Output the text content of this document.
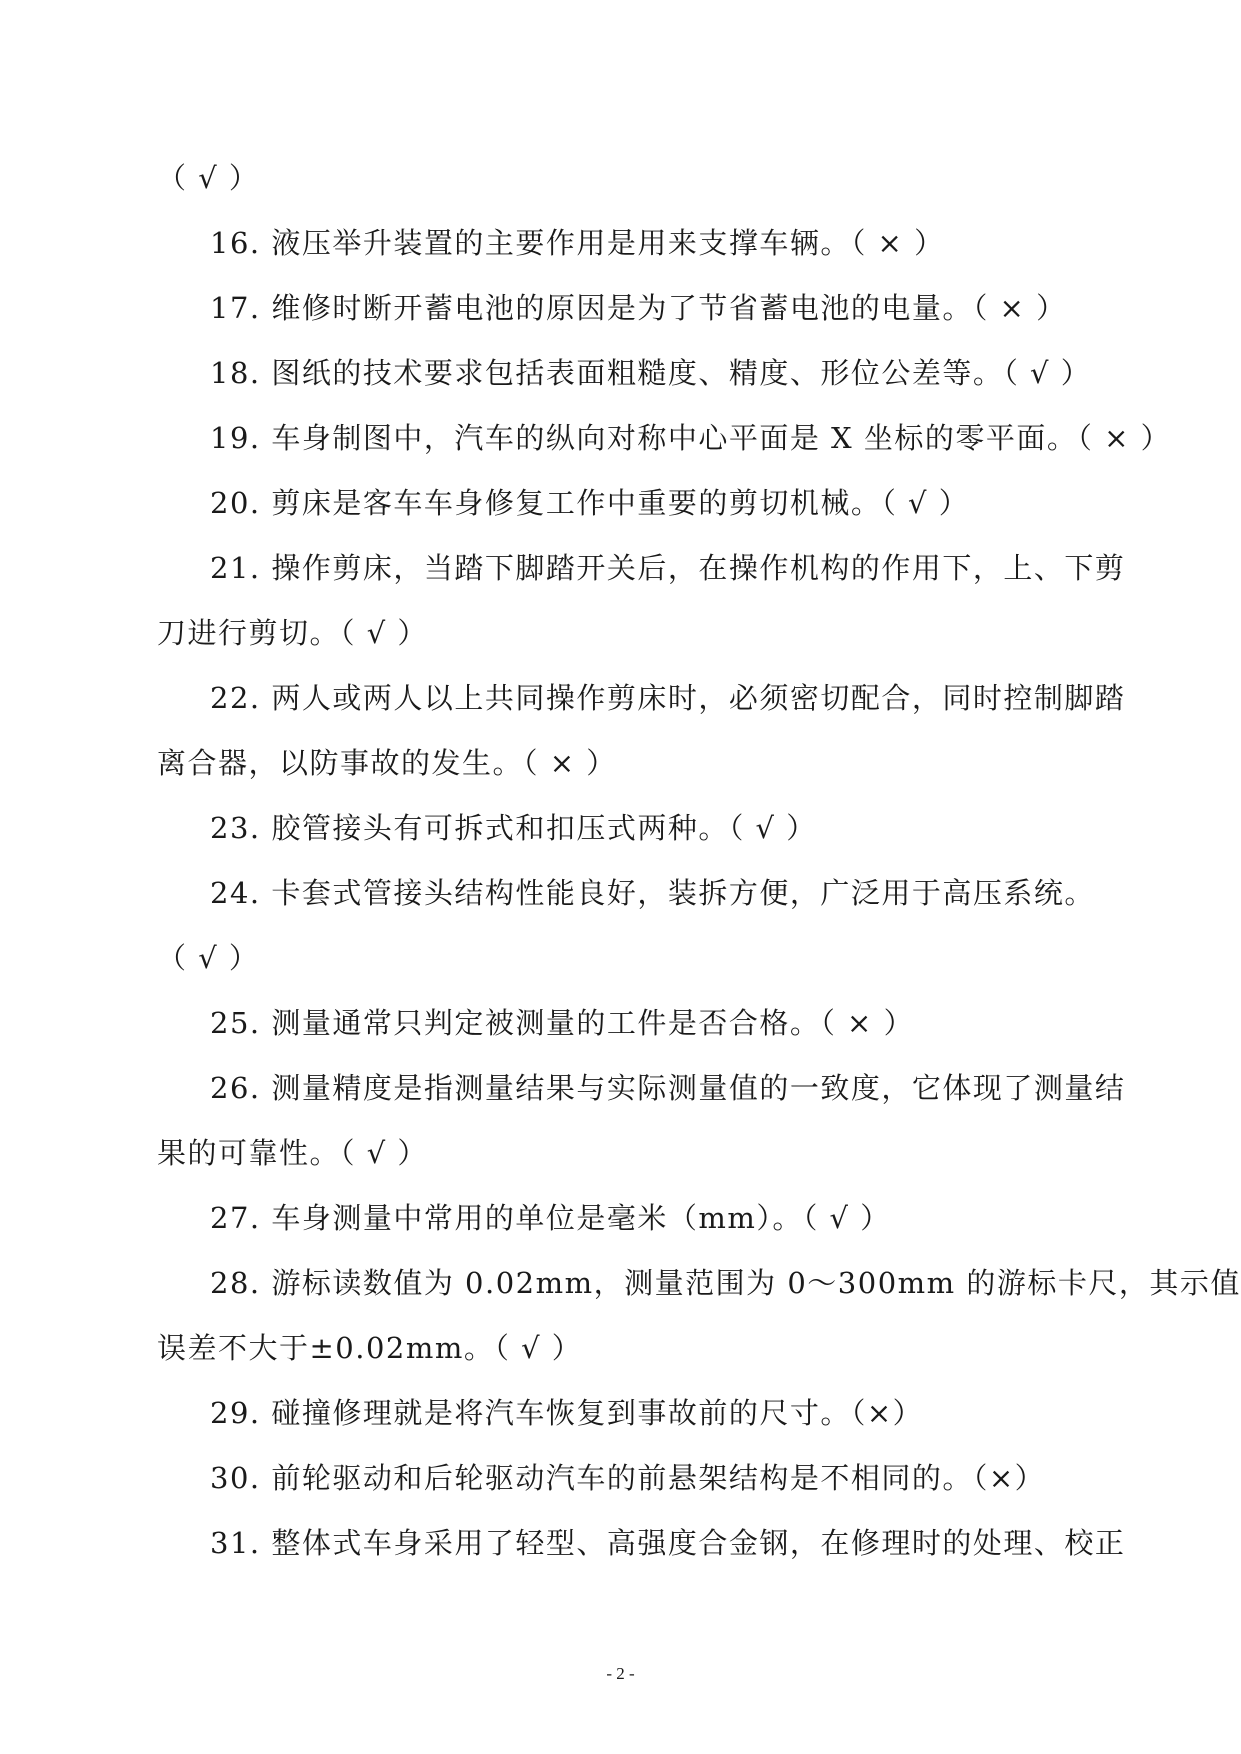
（ √ ）
16. 液压举升装置的主要作用是用来支撑车辆。（ × ）
17. 维修时断开蓄电池的原因是为了节省蓄电池的电量。（ × ）
18. 图纸的技术要求包括表面粗糙度、精度、形位公差等。（ √ ）
19. 车身制图中，汽车的纵向对称中心平面是 X 坐标的零平面。（ × ）
20. 剪床是客车车身修复工作中重要的剪切机械。（ √ ）
21. 操作剪床，当踏下脚踏开关后，在操作机构的作用下，上、下剪
刀进行剪切。（ √ ）
22. 两人或两人以上共同操作剪床时，必须密切配合，同时控制脚踏
离合器，以防事故的发生。（ × ）
23. 胶管接头有可拆式和扣压式两种。（ √ ）
24. 卡套式管接头结构性能良好，装拆方便，广泛用于高压系统。
（ √ ）
25. 测量通常只判定被测量的工件是否合格。（ × ）
26. 测量精度是指测量结果与实际测量值的一致度，它体现了测量结
果的可靠性。（ √ ）
27. 车身测量中常用的单位是毫米（mm）。（ √ ）
28. 游标读数值为 0.02mm，测量范围为 0～300mm 的游标卡尺，其示值
误差不大于±0.02mm。（ √ ）
29. 碰撞修理就是将汽车恢复到事故前的尺寸。（×）
30. 前轮驱动和后轮驱动汽车的前悬架结构是不相同的。（×）
31. 整体式车身采用了轻型、高强度合金钢，在修理时的处理、校正
- 2 -
